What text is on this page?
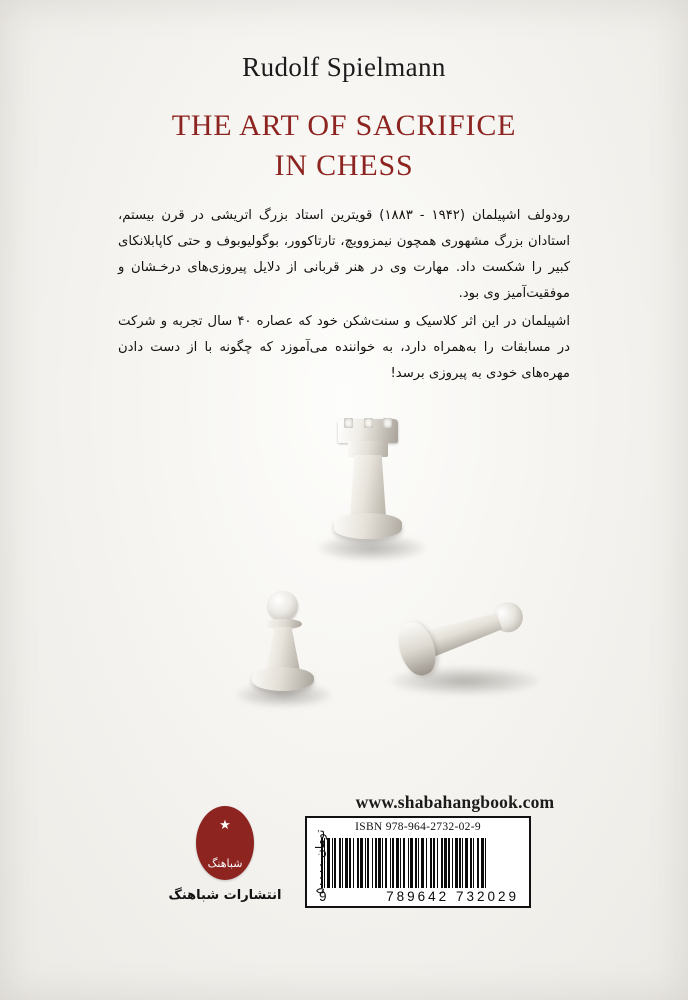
Rudolf Spielmann
THE ART OF SACRIFICE
IN CHESS

رودولف اشپیلمان (۱۹۴۲ - ۱۸۸۳) قویترین استاد بزرگ اتریشی در قرن بیستم، استادان بزرگ مشهوری همچون نیمزوویچ، تارتاکوور، بوگولیوبوف و حتی کاپابلانکای کبیر را شکست داد. مهارت وی در هنر قربانی از دلایل پیروزی‌های درخـشان و موفقیت‌آمیز وی بود.

اشپیلمان در این اثر کلاسیک و سنت‌شکن خود که عصاره ۴۰ سال تجربه و شرکت در مسابقات را به‌همراه دارد، به خواننده می‌آموزد که چگونه با از دست دادن مهره‌های خودی به پیروزی برسد!

www.shabahangbook.com
ISBN 978-964-2732-02-9
9	789642 732029
۵۰۰۰۰ تومان
★
شباهنگ
انتشارات شباهنگ
